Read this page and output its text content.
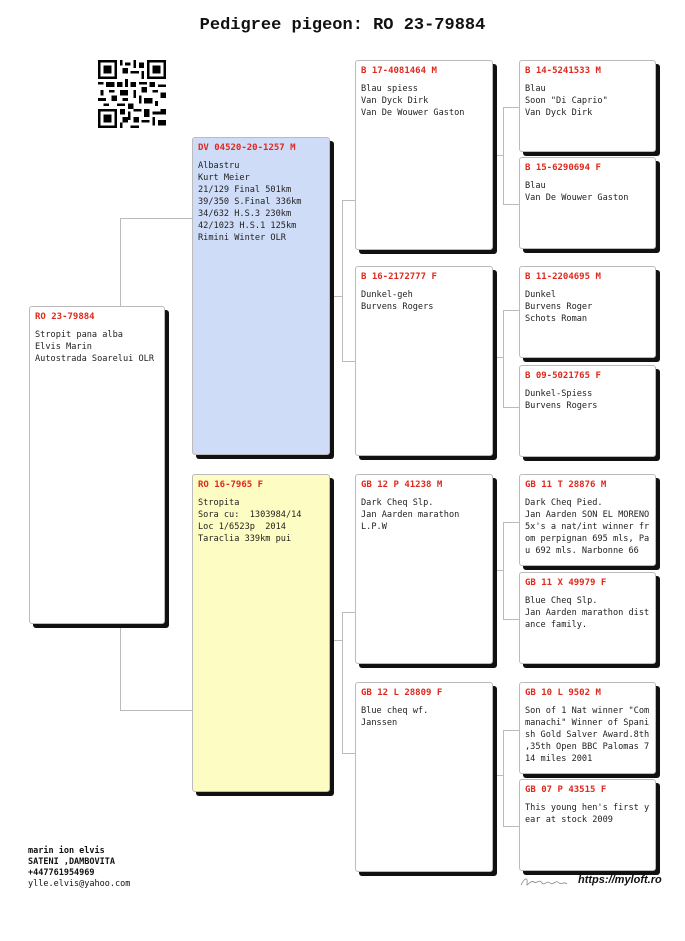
Pedigree pigeon: RO 23-79884
RO 23-79884
Stropit pana alba
Elvis Marin
Autostrada Soarelui OLR
DV 04520-20-1257 M
Albastru
Kurt Meier
21/129 Final 501km
39/350 S.Final 336km
34/632 H.S.3 230km
42/1023 H.S.1 125km
Rimini Winter OLR
RO 16-7965 F
Stropita
Sora cu:  1303984/14
Loc 1/6523p  2014
Taraclia 339km pui
B 17-4081464 M
Blau spiess
Van Dyck Dirk
Van De Wouwer Gaston
B 16-2172777 F
Dunkel-geh
Burvens Rogers
GB 12 P 41238 M
Dark Cheq Slp.
Jan Aarden marathon
L.P.W
GB 12 L 28809 F
Blue cheq wf.
Janssen
B 14-5241533 M
Blau
Soon "Di Caprio"
Van Dyck Dirk
B 15-6290694 F
Blau
Van De Wouwer Gaston
B 11-2204695 M
Dunkel
Burvens Roger
Schots Roman
B 09-5021765 F
Dunkel-Spiess
Burvens Rogers
GB 11 T 28876 M
Dark Cheq Pied.
Jan Aarden SON EL MORENO 5x's a nat/int winner from perpignan 695 mls, Pau 692 mls. Narbonne 66
GB 11 X 49979 F
Blue Cheq Slp.
Jan Aarden marathon distance family.
GB 10 L 9502 M
Son of 1 Nat winner "Commanachi" Winner of Spanish Gold Salver Award.8th ,35th Open BBC Palomas 714 miles 2001
GB 07 P 43515 F
This young hen's first year at stock 2009
marin ion elvis
SATENI ,DAMBOVITA
+447761954969
ylle.elvis@yahoo.com	https://myloft.ro
